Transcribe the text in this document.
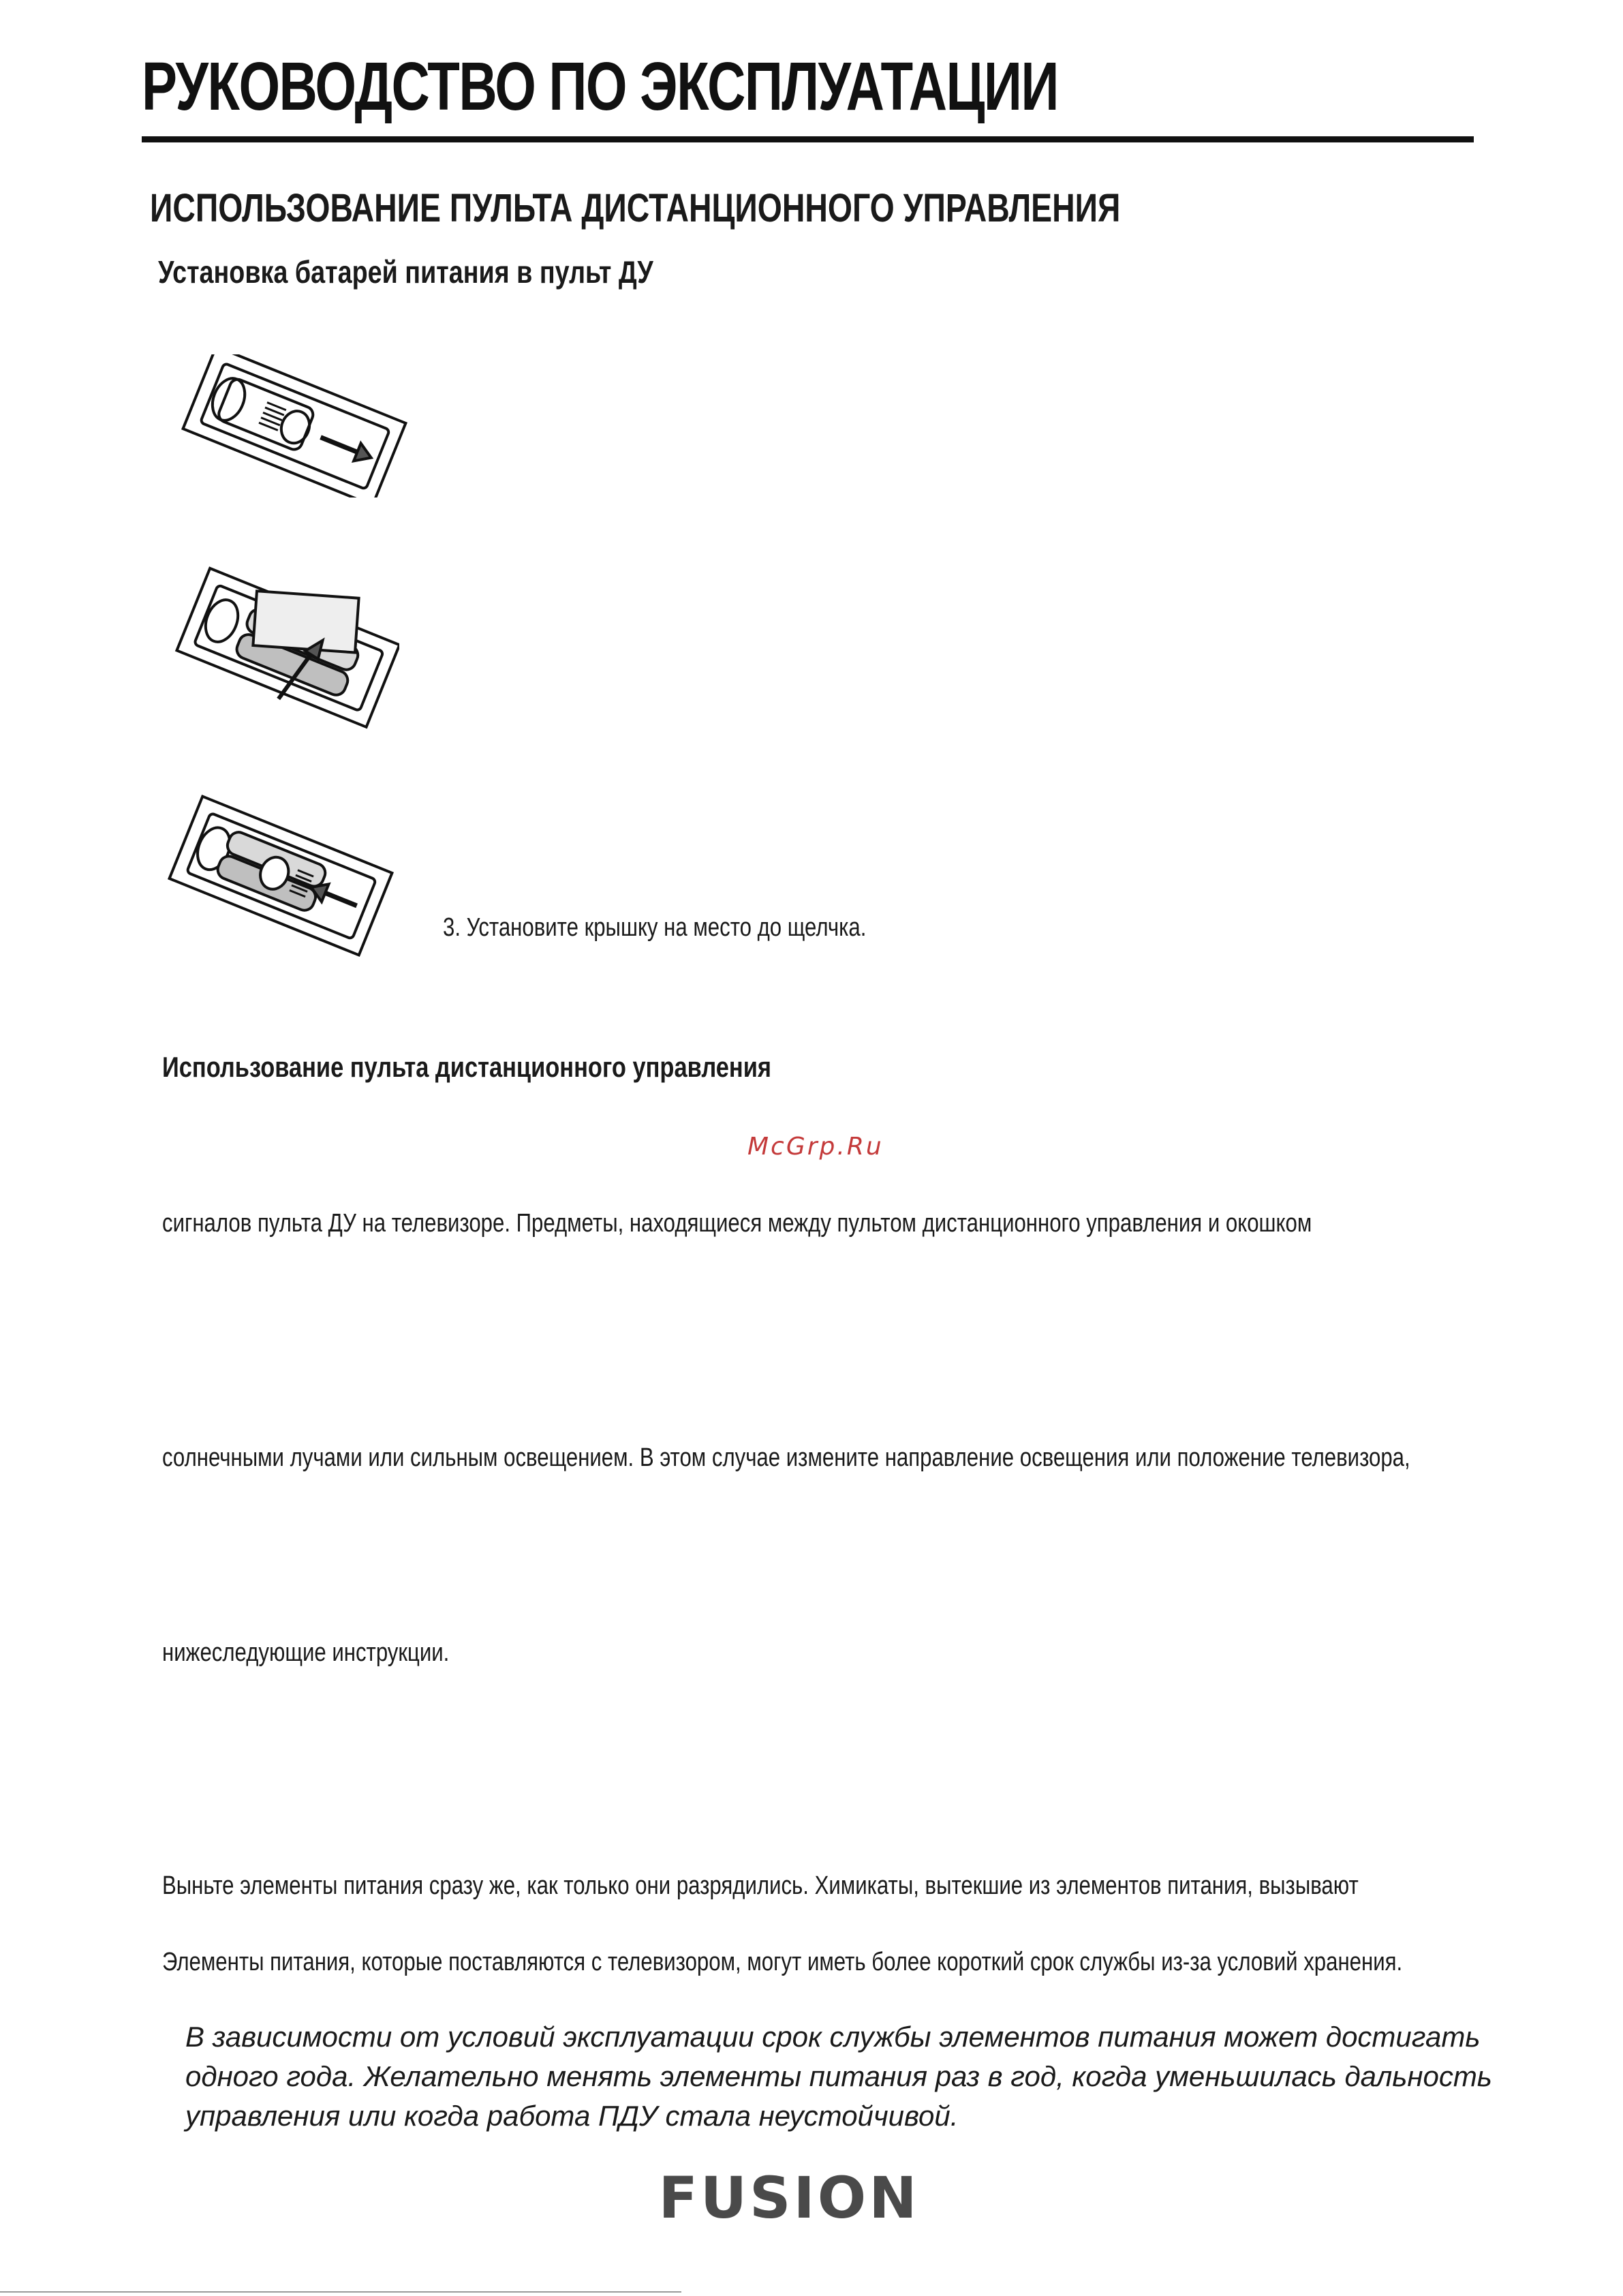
РУКОВОДСТВО ПО ЭКСПЛУАТАЦИИ
ИСПОЛЬЗОВАНИЕ ПУЛЬТА ДИСТАНЦИОННОГО УПРАВЛЕНИЯ
Установка батарей питания в пульт ДУ
3. Установите крышку на место до щелчка.
Использование пульта дистанционного управления
McGrp.Ru
сигналов пульта ДУ на телевизоре. Предметы, находящиеся между пультом дистанционного управления и окошком
солнечными лучами или сильным освещением. В этом случае измените направление освещения или положение телевизора,
нижеследующие инструкции.
Выньте элементы питания сразу же, как только они разрядились. Химикаты, вытекшие из элементов питания, вызывают
Элементы питания, которые поставляются с телевизором, могут иметь более короткий срок службы из-за условий хранения.
В зависимости от условий эксплуатации срок службы элементов питания может достигать
одного года. Желательно менять элементы питания раз в год, когда уменьшилась дальность
управления или когда работа ПДУ стала неустойчивой.
FUSION
